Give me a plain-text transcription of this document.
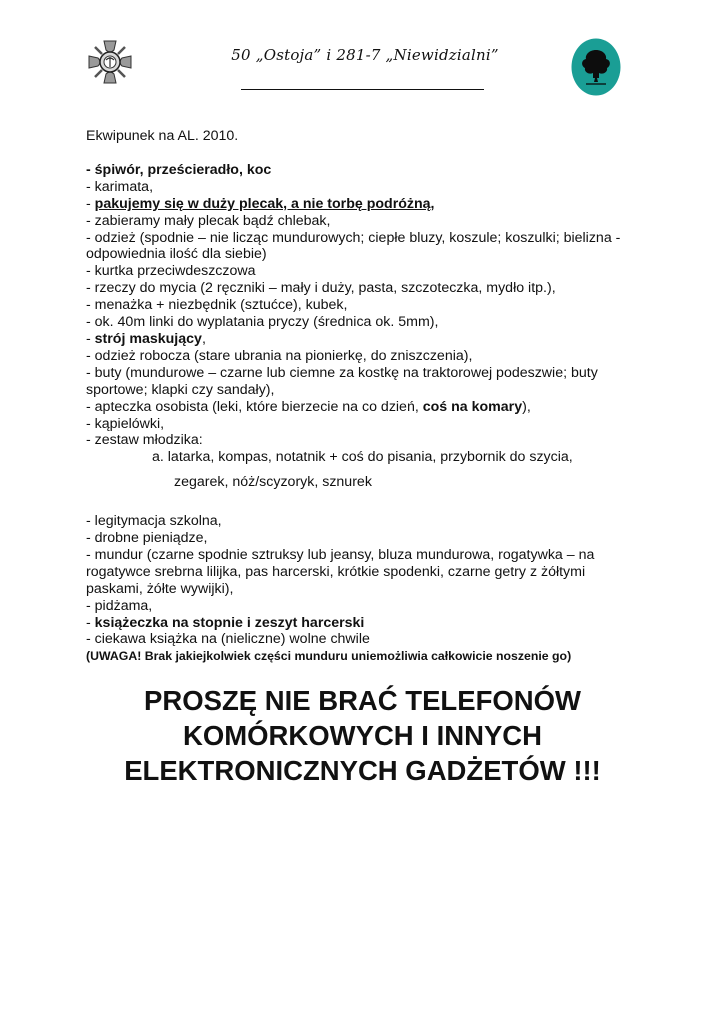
50 „Ostoja” i 281-7 „Niewidzialni”

Ekwipunek na AL. 2010.

- śpiwór, prześcieradło, koc

- karimata,

- pakujemy się w duży plecak, a nie torbę podróżną,

- zabieramy mały plecak bądź chlebak,

- odzież (spodnie – nie licząc mundurowych; ciepłe bluzy, koszule; koszulki; bielizna -

odpowiednia ilość dla siebie)

- kurtka przeciwdeszczowa

- rzeczy do mycia (2 ręczniki – mały i duży, pasta, szczoteczka, mydło itp.),

- menażka + niezbędnik (sztućce), kubek,

- ok. 40m linki do wyplatania pryczy (średnica ok. 5mm),

- strój maskujący,

- odzież robocza (stare ubrania na pionierkę, do zniszczenia),

- buty (mundurowe – czarne lub ciemne za kostkę na traktorowej podeszwie; buty

sportowe; klapki czy sandały),

- apteczka osobista (leki, które bierzecie na co dzień, coś na komary),

- kąpielówki,

- zestaw młodzika:

a. latarka, kompas, notatnik + coś do pisania, przybornik do szycia,

zegarek, nóż/scyzoryk, sznurek

- legitymacja szkolna,

- drobne pieniądze,

- mundur (czarne spodnie sztruksy lub jeansy, bluza mundurowa, rogatywka – na

rogatywce srebrna lilijka, pas harcerski, krótkie spodenki, czarne getry z żółtymi

paskami, żółte wywijki),

- pidżama,

- książeczka na stopnie i zeszyt harcerski

- ciekawa książka na (nieliczne) wolne chwile

(UWAGA! Brak jakiejkolwiek części munduru uniemożliwia całkowicie noszenie go)

PROSZĘ NIE BRAĆ TELEFONÓW
KOMÓRKOWYCH I INNYCH
ELEKTRONICZNYCH GADŻETÓW !!!
